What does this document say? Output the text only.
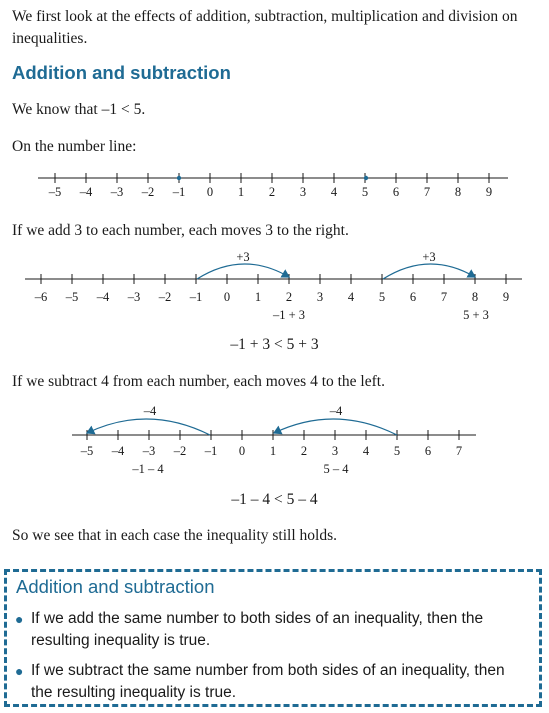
We first look at the effects of addition, subtraction, multiplication and division on inequalities.

Addition and subtraction

We know that –1 < 5.

On the number line:

–5 –4 –3 –2 –1 0 1 2 3 4 5 6 7 8 9

If we add 3 to each number, each moves 3 to the right.

–6 –5 –4 –3 –2 –1 0 1 2 3 4 5 6 7 8 9
+3	+3
–1 + 3	5 + 3
–1 + 3 < 5 + 3

If we subtract 4 from each number, each moves 4 to the left.

–5 –4 –3 –2 –1 0 1 2 3 4 5 6 7
–4	–4
–1 – 4	5 – 4
–1 – 4 < 5 – 4

So we see that in each case the inequality still holds.

Addition and subtraction
● If we add the same number to both sides of an inequality, then the resulting inequality is true.
● If we subtract the same number from both sides of an inequality, then the resulting inequality is true.
